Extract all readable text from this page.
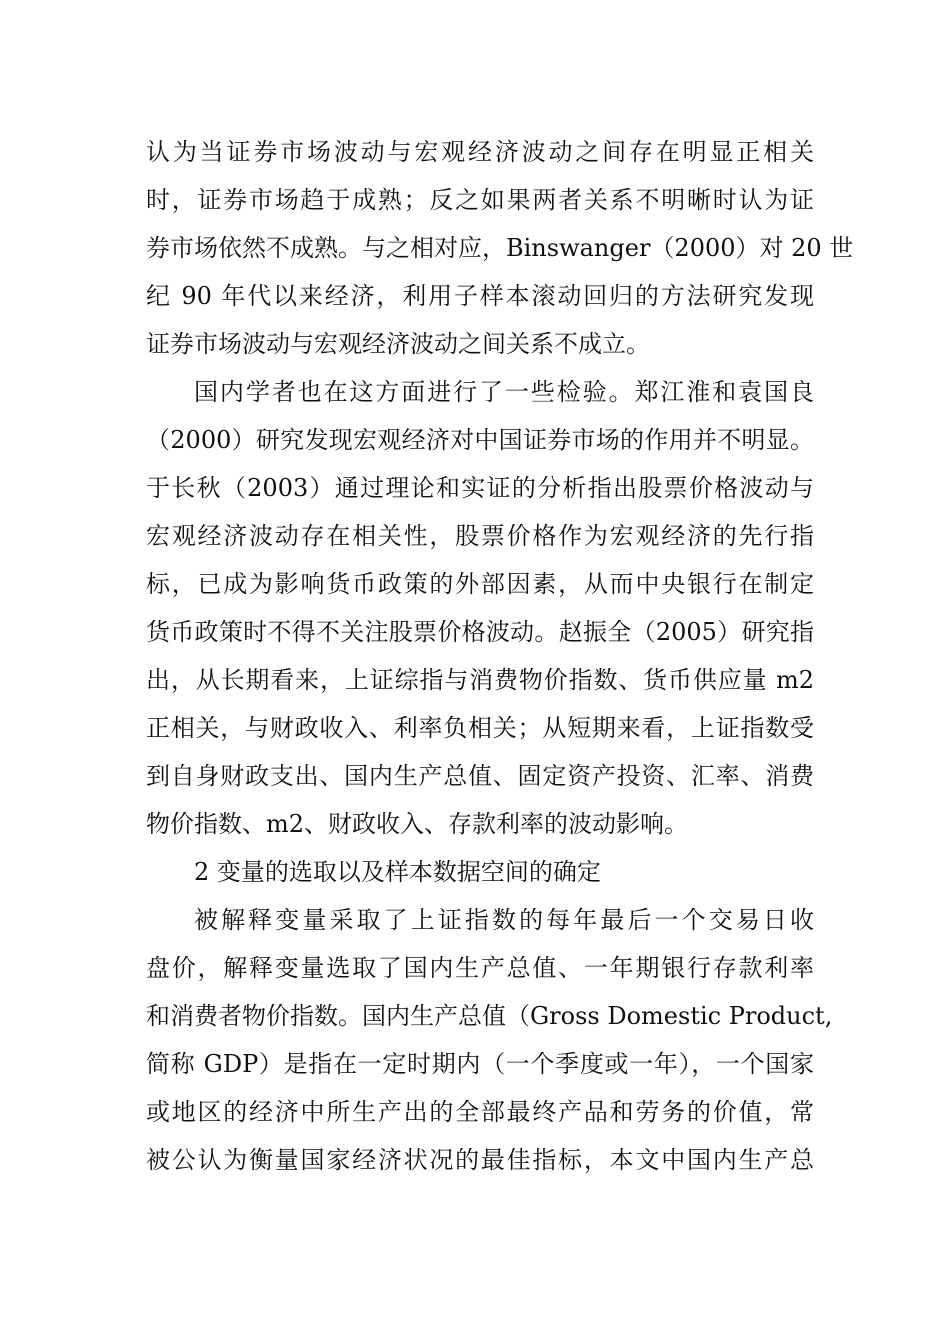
认为当证券市场波动与宏观经济波动之间存在明显正相关
时，证券市场趋于成熟；反之如果两者关系不明晰时认为证
券市场依然不成熟。与之相对应，Binswanger（2000）对 20 世
纪 90 年代以来经济，利用子样本滚动回归的方法研究发现
证券市场波动与宏观经济波动之间关系不成立。
国内学者也在这方面进行了一些检验。郑江淮和袁国良
（2000）研究发现宏观经济对中国证券市场的作用并不明显。
于长秋（2003）通过理论和实证的分析指出股票价格波动与
宏观经济波动存在相关性，股票价格作为宏观经济的先行指
标，已成为影响货币政策的外部因素，从而中央银行在制定
货币政策时不得不关注股票价格波动。赵振全（2005）研究指
出，从长期看来，上证综指与消费物价指数、货币供应量 m2
正相关，与财政收入、利率负相关；从短期来看，上证指数受
到自身财政支出、国内生产总值、固定资产投资、汇率、消费
物价指数、m2、财政收入、存款利率的波动影响。
2 变量的选取以及样本数据空间的确定
被解释变量采取了上证指数的每年最后一个交易日收
盘价，解释变量选取了国内生产总值、一年期银行存款利率
和消费者物价指数。国内生产总值（Gross Domestic Product,
简称 GDP）是指在一定时期内（一个季度或一年），一个国家
或地区的经济中所生产出的全部最终产品和劳务的价值，常
被公认为衡量国家经济状况的最佳指标，本文中国内生产总
